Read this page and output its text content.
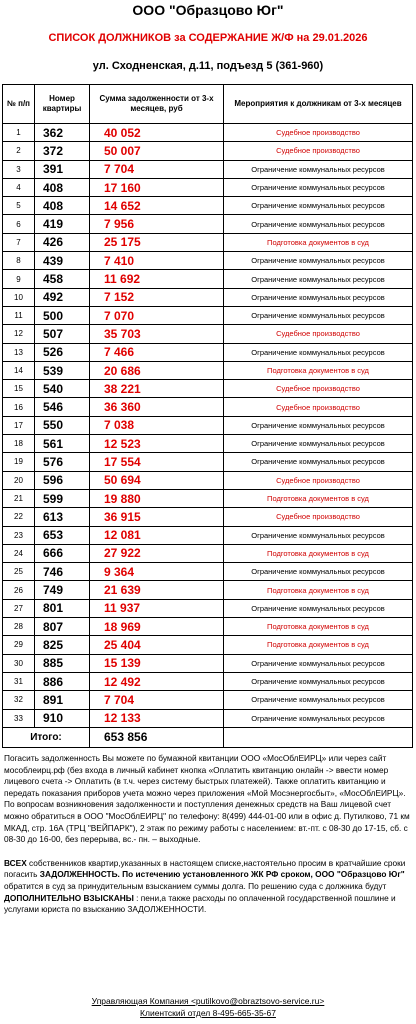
ООО "Образцово Юг"
СПИСОК ДОЛЖНИКОВ за СОДЕРЖАНИЕ Ж/Ф на 29.01.2026
ул. Сходненская, д.11, подъезд 5 (361-960)
№ п/п	Номер квартиры	Сумма задолженности от 3-х месяцев, руб	Мероприятия к должникам от 3-х месяцев
1	362	40 052	Судебное производство
2	372	50 007	Судебное производство
3	391	7 704	Ограничение коммунальных ресурсов
4	408	17 160	Ограничение коммунальных ресурсов
5	408	14 652	Ограничение коммунальных ресурсов
6	419	7 956	Ограничение коммунальных ресурсов
7	426	25 175	Подготовка документов в суд
8	439	7 410	Ограничение коммунальных ресурсов
9	458	11 692	Ограничение коммунальных ресурсов
10	492	7 152	Ограничение коммунальных ресурсов
11	500	7 070	Ограничение коммунальных ресурсов
12	507	35 703	Судебное производство
13	526	7 466	Ограничение коммунальных ресурсов
14	539	20 686	Подготовка документов в суд
15	540	38 221	Судебное производство
16	546	36 360	Судебное производство
17	550	7 038	Ограничение коммунальных ресурсов
18	561	12 523	Ограничение коммунальных ресурсов
19	576	17 554	Ограничение коммунальных ресурсов
20	596	50 694	Судебное производство
21	599	19 880	Подготовка документов в суд
22	613	36 915	Судебное производство
23	653	12 081	Ограничение коммунальных ресурсов
24	666	27 922	Подготовка документов в суд
25	746	9 364	Ограничение коммунальных ресурсов
26	749	21 639	Подготовка документов в суд
27	801	11 937	Ограничение коммунальных ресурсов
28	807	18 969	Подготовка документов в суд
29	825	25 404	Подготовка документов в суд
30	885	15 139	Ограничение коммунальных ресурсов
31	886	12 492	Ограничение коммунальных ресурсов
32	891	7 704	Ограничение коммунальных ресурсов
33	910	12 133	Ограничение коммунальных ресурсов
Итого:		653 856	

Погасить задолженность Вы можете по бумажной квитанции ООО «МосОблЕИРЦ» или через сайт мособлеирц.рф (без входа в личный кабинет кнопка «Оплатить квитанцию онлайн -> ввести номер лицевого счета -> Оплатить (в т.ч. через систему быстрых платежей). Также оплатить квитанцию и передать показания приборов учета можно через приложения «Мой Мосэнергосбыт», «МосОблЕИРЦ».

По вопросам возникновения задолженности и поступления денежных средств на Ваш лицевой счет можно обратиться в ООО "МосОблЕИРЦ" по телефону: 8(499) 444-01-00 или в офис д. Путилково, 71 км МКАД, стр. 16А (ТРЦ "ВЕЙПАРК"), 2 этаж по режиму работы с населением: вт.-пт. с 08-30 до 17-15, сб. с 08-30 до 16-00, без перерыва, вс.- пн. – выходные.

ВСЕХ собственников квартир,указанных в настоящем списке,настоятельно просим в кратчайшие сроки погасить ЗАДОЛЖЕННОСТЬ. По истечению установленного ЖК РФ сроком, ООО "Образцово Юг" обратится в суд за принудительным взысканием суммы долга. По решению суда с должника будут ДОПОЛНИТЕЛЬНО ВЗЫСКАНЫ : пени,а также расходы по оплаченной государственной пошлине и услугами юриста по взысканию ЗАДОЛЖЕННОСТИ.

Управляющая Компания <putilkovo@obraztsovo-service.ru>
Клиентский отдел 8-495-665-35-67
